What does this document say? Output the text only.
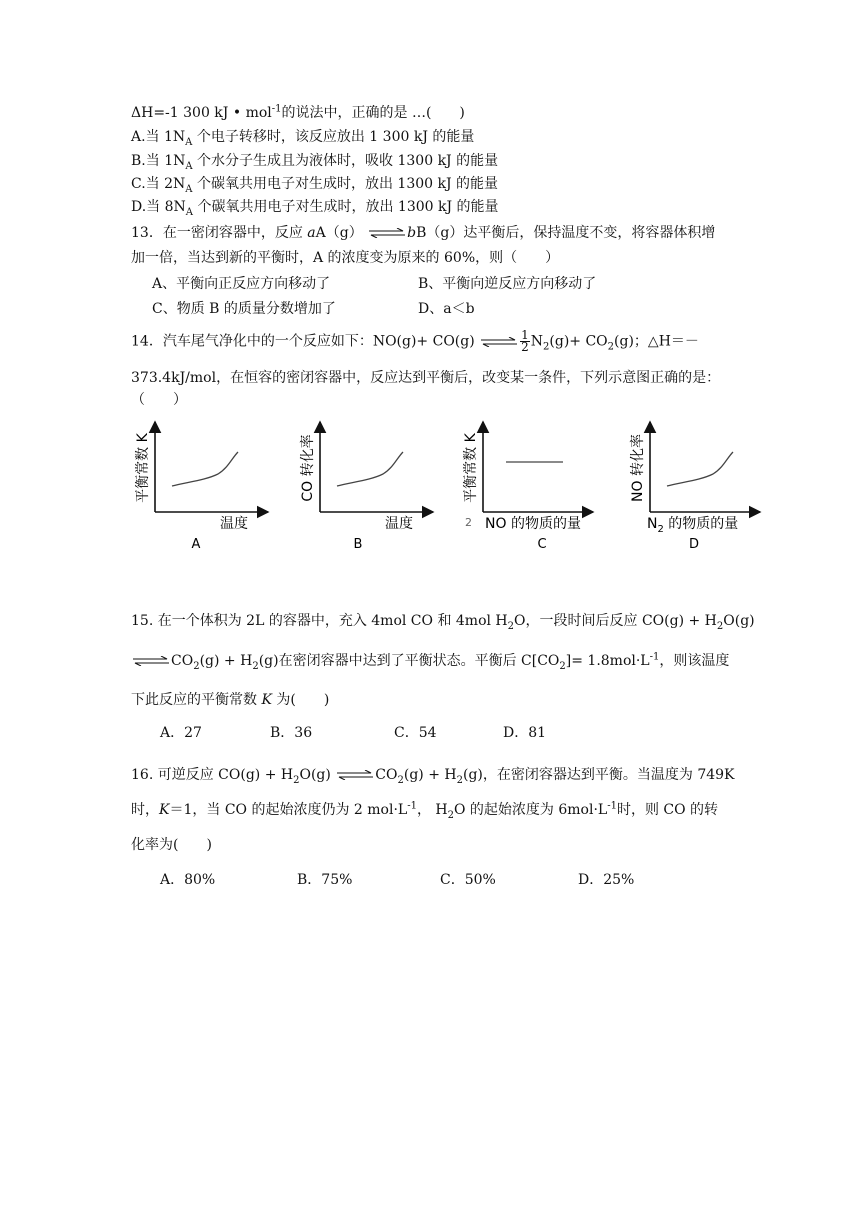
ΔH=-1 300 kJ • mol$^{-1}$的说法中，正确的是 …(　　)
A.当 $1N_A$ 个电子转移时，该反应放出 1 300 kJ 的能量
B.当 $1N_A$ 个水分子生成且为液体时，吸收 1300 kJ 的能量
C.当 $2N_A$ 个碳氧共用电子对生成时，放出 1300 kJ 的能量
D.当 $8N_A$ 个碳氧共用电子对生成时，放出 1300 kJ 的能量
13．在一密闭容器中，反应 aA（g） ⇌bB（g）达平衡后，保持温度不变，将容器体积增
加一倍，当达到新的平衡时，A 的浓度变为原来的 60%，则（　　）
A、平衡向正反应方向移动了	B、平衡向逆反应方向移动了
C、物质 B 的质量分数增加了	D、a＜b
14．汽车尾气净化中的一个反应如下：NO(g)+ CO(g) ⇌ $\frac{1}{2} N_2(g)+ CO_2(g)$；△H＝－
373.4kJ/mol，在恒容的密闭容器中，反应达到平衡后，改变某一条件，下列示意图正确的是：
（　　）
平衡常数 K
温度
A
CO 转化率
温度
B
平衡常数 K
2 NO 的物质的量
C
NO 转化率
$N_2$ 的物质的量
D
15. 在一个体积为 2L 的容器中，充入 4mol CO 和 4mol $H_2O$，一段时间后反应 $CO(g) + H_2O(g)$
$\rightleftharpoons CO_2(g) + H_2(g)$在密闭容器中达到了平衡状态。平衡后 $C[CO_2]= 1.8mol\cdot L^{-1}$，则该温度
下此反应的平衡常数 K 为(　　)
A．27	B．36	C．54	D．81
16. 可逆反应 $CO(g) + H_2O(g)$ $\rightleftharpoons CO_2(g) + H_2(g)$，在密闭容器达到平衡。当温度为 749K
时，K＝1，当 CO 的起始浓度仍为 2 $mol\cdot L^{-1}$， $H_2O$ 的起始浓度为 $6mol\cdot L^{-1}$时，则 CO 的转
化率为(　　)
A．80%	B．75%	C．50%	D．25%
